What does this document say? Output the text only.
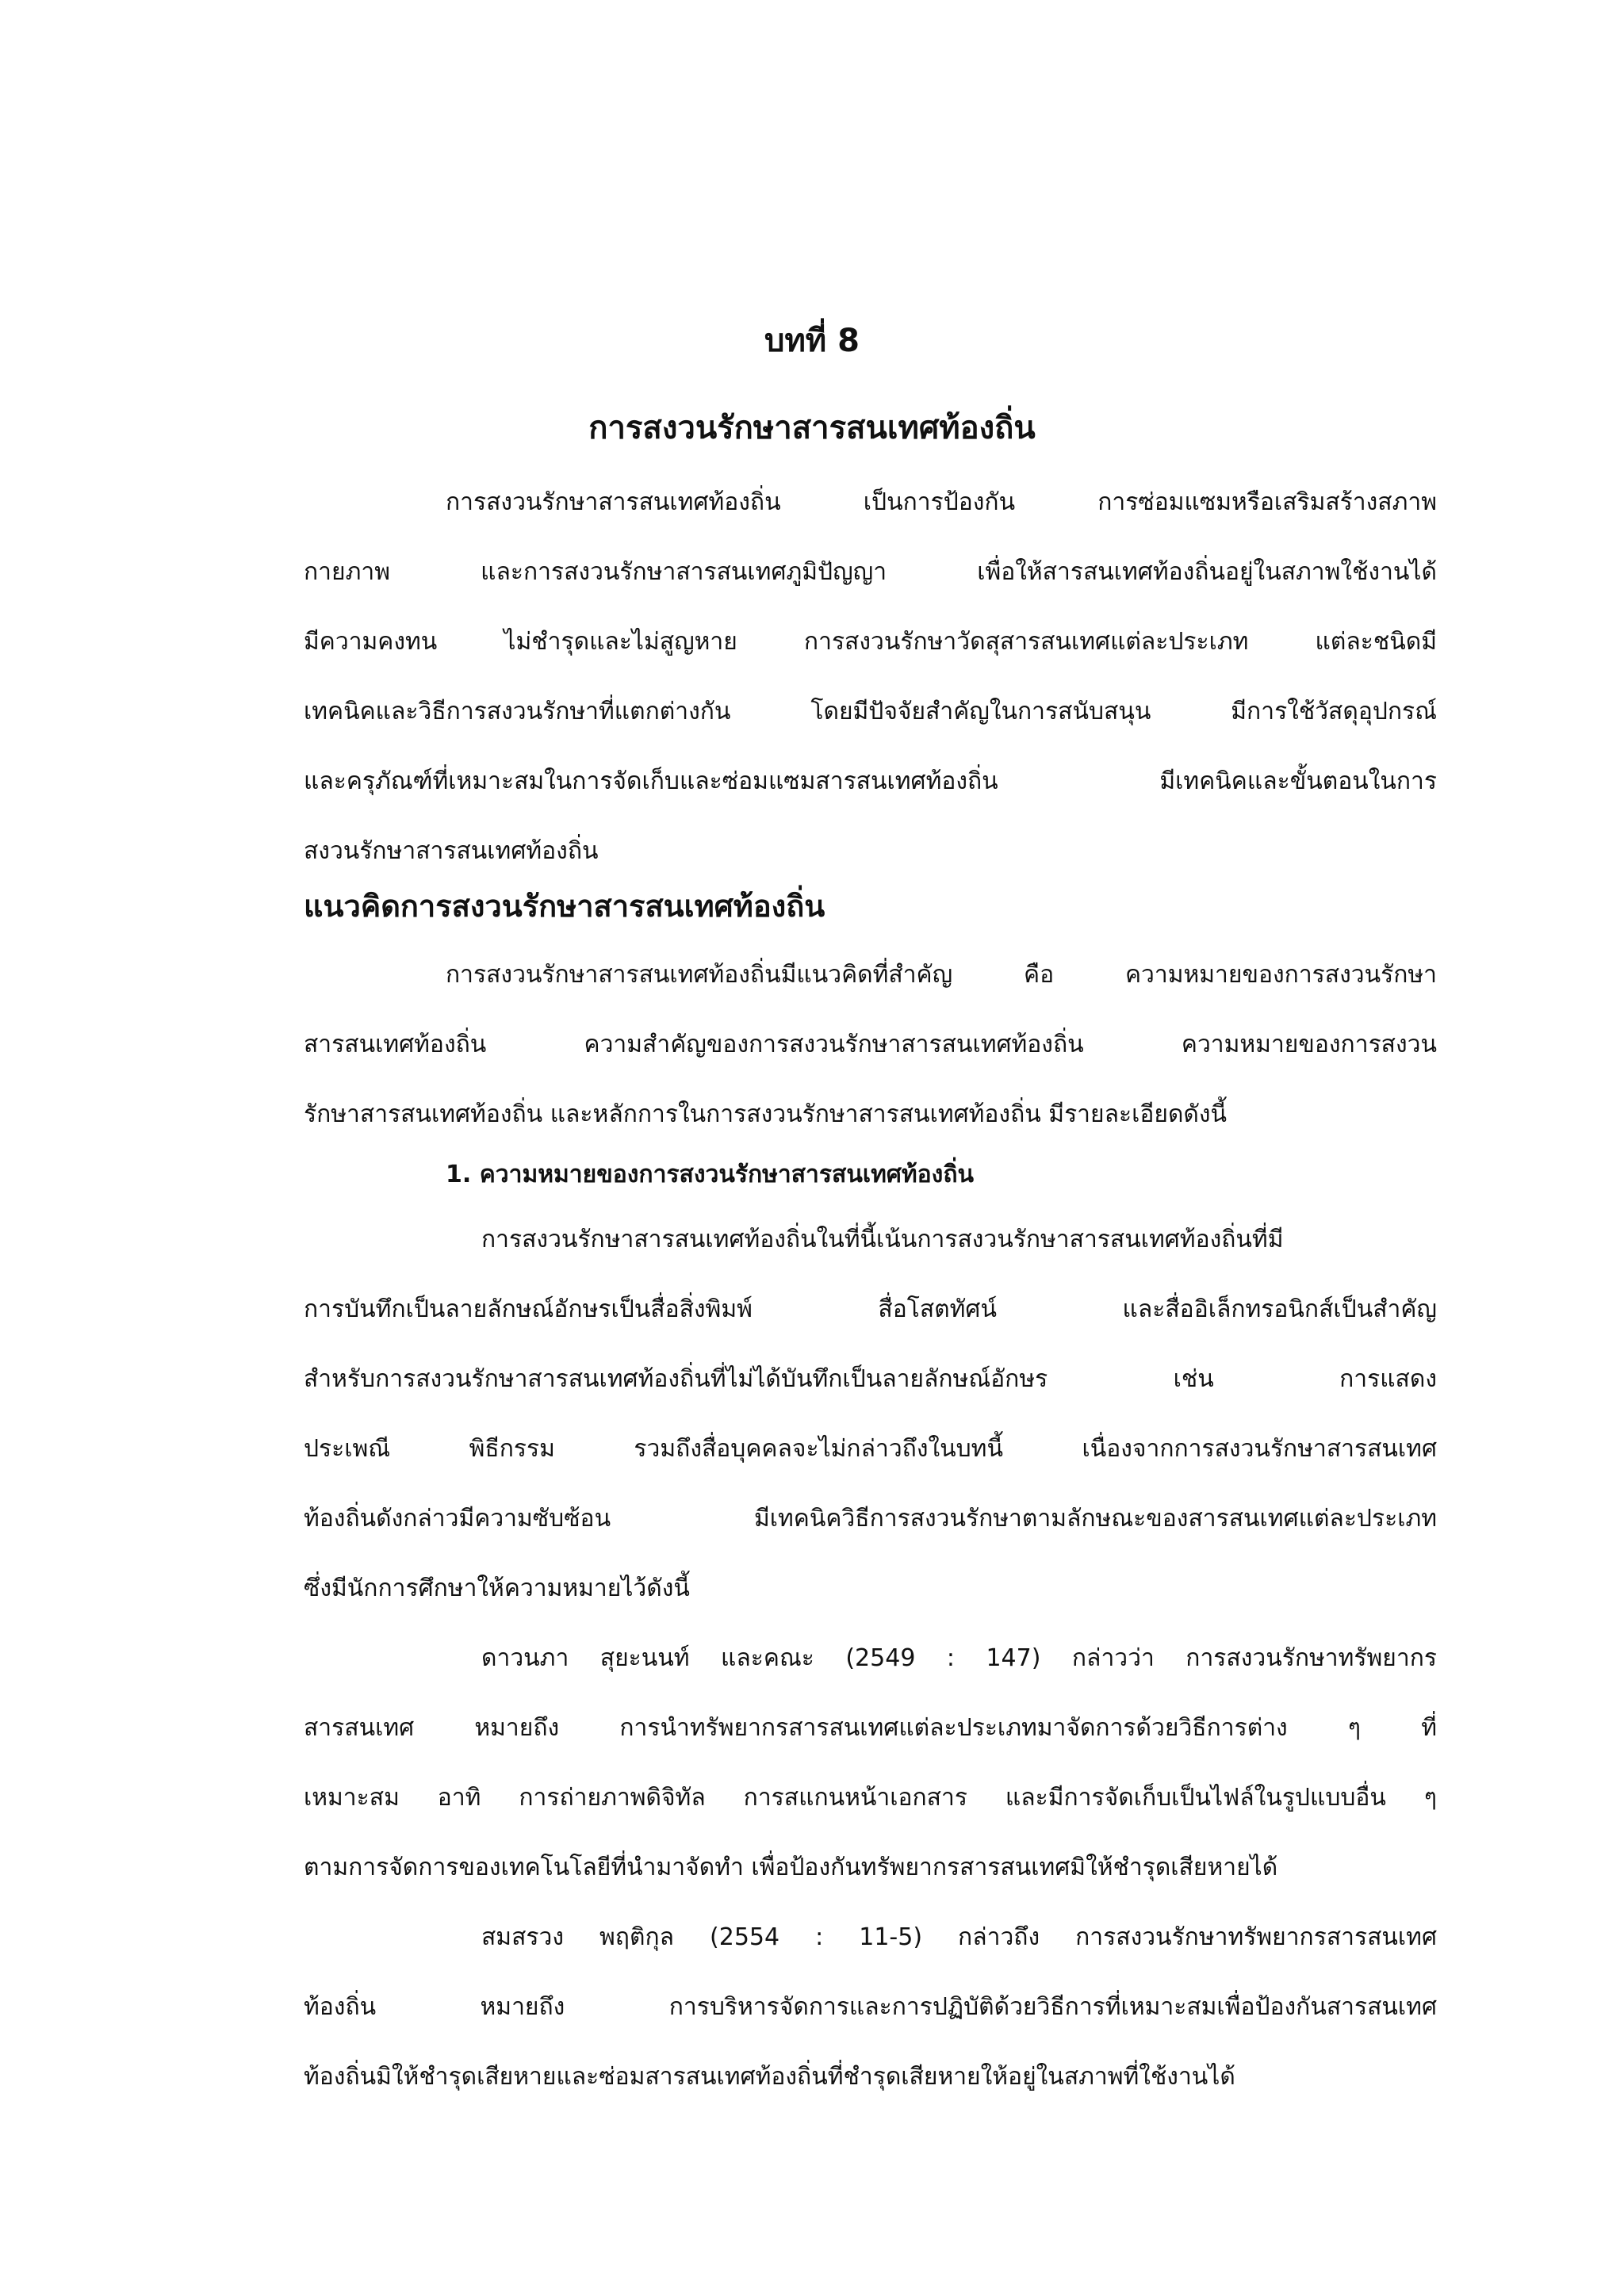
บทที่ 8
การสงวนรักษาสารสนเทศท้องถิ่น
การสงวนรักษาสารสนเทศท้องถิ่น เป็นการป้องกัน การซ่อมแซมหรือเสริมสร้างสภาพ
กายภาพ และการสงวนรักษาสารสนเทศภูมิปัญญา เพื่อให้สารสนเทศท้องถิ่นอยู่ในสภาพใช้งานได้
มีความคงทน ไม่ชำรุดและไม่สูญหาย การสงวนรักษาวัดสุสารสนเทศแต่ละประเภท แต่ละชนิดมี
เทคนิคและวิธีการสงวนรักษาที่แตกต่างกัน โดยมีปัจจัยสำคัญในการสนับสนุน มีการใช้วัสดุอุปกรณ์
และครุภัณฑ์ที่เหมาะสมในการจัดเก็บและซ่อมแซมสารสนเทศท้องถิ่น มีเทคนิคและขั้นตอนในการ
สงวนรักษาสารสนเทศท้องถิ่น
แนวคิดการสงวนรักษาสารสนเทศท้องถิ่น
การสงวนรักษาสารสนเทศท้องถิ่นมีแนวคิดที่สำคัญ คือ ความหมายของการสงวนรักษา
สารสนเทศท้องถิ่น ความสำคัญของการสงวนรักษาสารสนเทศท้องถิ่น ความหมายของการสงวน
รักษาสารสนเทศท้องถิ่น และหลักการในการสงวนรักษาสารสนเทศท้องถิ่น มีรายละเอียดดังนี้
1. ความหมายของการสงวนรักษาสารสนเทศท้องถิ่น
การสงวนรักษาสารสนเทศท้องถิ่นในที่นี้เน้นการสงวนรักษาสารสนเทศท้องถิ่นที่มี
การบันทึกเป็นลายลักษณ์อักษรเป็นสื่อสิ่งพิมพ์ สื่อโสตทัศน์ และสื่ออิเล็กทรอนิกส์เป็นสำคัญ
สำหรับการสงวนรักษาสารสนเทศท้องถิ่นที่ไม่ได้บันทึกเป็นลายลักษณ์อักษร เช่น การแสดง
ประเพณี พิธีกรรม รวมถึงสื่อบุคคลจะไม่กล่าวถึงในบทนี้ เนื่องจากการสงวนรักษาสารสนเทศ
ท้องถิ่นดังกล่าวมีความซับซ้อน มีเทคนิควิธีการสงวนรักษาตามลักษณะของสารสนเทศแต่ละประเภท
ซึ่งมีนักการศึกษาให้ความหมายไว้ดังนี้
ดาวนภา สุยะนนท์ และคณะ (2549 : 147) กล่าวว่า การสงวนรักษาทรัพยากร
สารสนเทศ หมายถึง การนำทรัพยากรสารสนเทศแต่ละประเภทมาจัดการด้วยวิธีการต่าง ๆ ที่
เหมาะสม อาทิ การถ่ายภาพดิจิทัล การสแกนหน้าเอกสาร และมีการจัดเก็บเป็นไฟล์ในรูปแบบอื่น ๆ
ตามการจัดการของเทคโนโลยีที่นำมาจัดทำ เพื่อป้องกันทรัพยากรสารสนเทศมิให้ชำรุดเสียหายได้
สมสรวง พฤติกุล (2554 : 11-5) กล่าวถึง การสงวนรักษาทรัพยากรสารสนเทศ
ท้องถิ่น หมายถึง การบริหารจัดการและการปฏิบัติด้วยวิธีการที่เหมาะสมเพื่อป้องกันสารสนเทศ
ท้องถิ่นมิให้ชำรุดเสียหายและซ่อมสารสนเทศท้องถิ่นที่ชำรุดเสียหายให้อยู่ในสภาพที่ใช้งานได้
